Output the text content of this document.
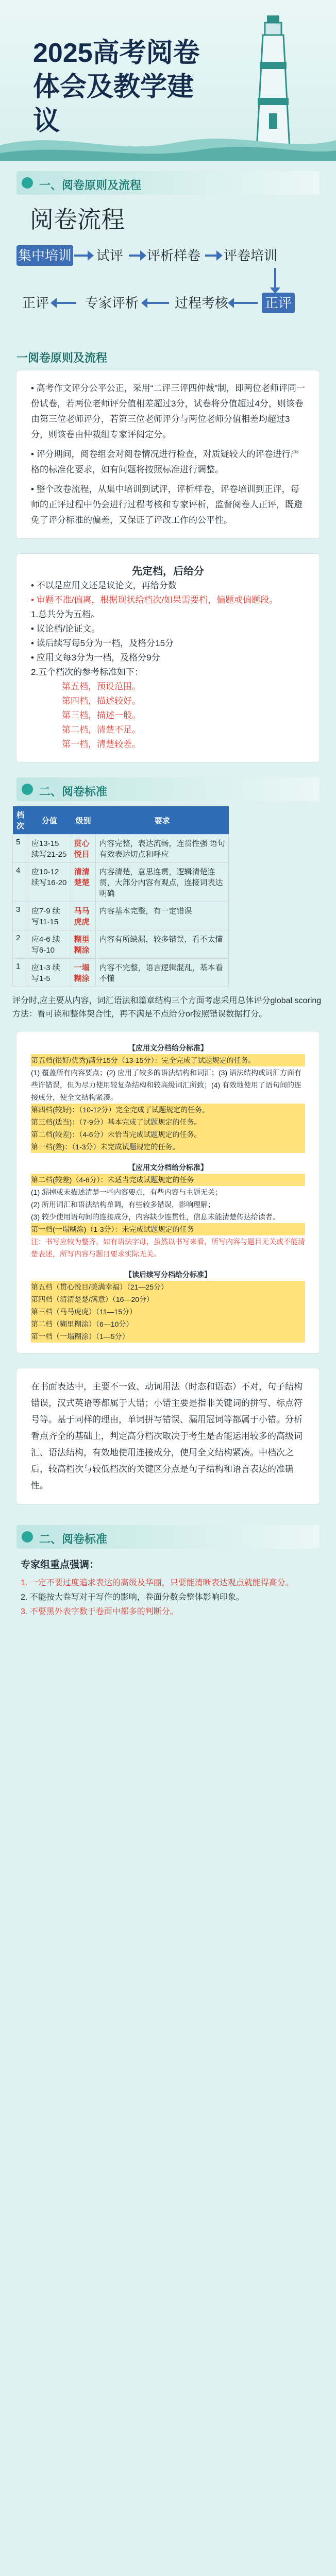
2025高考阅卷体会及教学建议
一、阅卷原则及流程
阅卷流程
集中培训	试评	评析样卷	评卷培训
正评
过程考核
专家评析
正评
一阅卷原则及流程
• 高考作文评分公平公正，采用“二评三评四仲裁”制，即两位老师评同一份试卷，若两位老师评分值相差超过3分，试卷将分值超过4分，则该卷由第三位老师评分，若第三位老师评分与两位老师分值相差均超过3分，则该卷由仲裁组专家评阅定分。
• 评分期间，阅卷组会对阅卷情况进行检查，对质疑较大的评卷进行严格的标准化要求，如有问题将按照标准进行调整。
• 整个改卷流程，从集中培训到试评，评析样卷，评卷培训到正评，每师的正评过程中仍会进行过程考核和专家评析，监督阅卷人正评，既避免了评分标准的偏差，又保证了评改工作的公平性。
先定档，后给分
• 不以是应用文还是议论文，再给分数
• 审题不准/偏离，根据现状给档次/如果需要档，偏题或偏题段。
1.总共分为五档。
• 议论档/论证文。
• 读后续写每5分为一档，及格分15分
• 应用文每3分为一档，及格分9分
2.五个档次的参考标准如下：
第五档，预设范围。
第四档，描述较好。
第三档，描述一般。
第二档，清楚不足。
第一档，清楚较差。
二、阅卷标准
档次	分值	级别	要求
5	应13-15 续写21-25	贯心悦目	内容完整，表达流畅，连贯性强 语句有效表达切点和呼应
4	应10-12 续写16-20	清清楚楚	内容清楚，意思连贯，逻辑清楚连贯，大部分内容有观点，连接词表达明确
3	应7-9 续写11-15	马马虎虎	内容基本完整，有一定错误
2	应4-6 续写6-10	糊里糊涂	内容有所缺漏，较多错误，看不太懂
1	应1-3 续写1-5	一塌糊涂	内容不完整，语言逻辑混乱，基本看不懂
评分时,应主要从内容，词汇语法和篇章结构三个方面考虑采用总体评分global scoring方法：看可读和整体契合性，再不满是不点给分or按照错误数据打分。
【应用文分档给分标准】
第五档(很好/优秀)满分15分（13-15分）：完全完成了试题规定的任务。
(1) 覆盖所有内容要点；(2) 应用了较多的语法结构和词汇；(3) 语法结构或词汇方面有些许错误，但为尽力使用较复杂结构和较高级词汇所致；(4) 有效地使用了语句间的连接成分，使全文结构紧凑。
第四档(较好)：（10-12分）完全完成了试题规定的任务。
第三档(适当)：（7-9分）基本完成了试题规定的任务。
第二档(较差)：（4-6分）未恰当完成试题规定的任务。
第一档(差)：（1-3分）未完成试题规定的任务。
【应用文分档给分标准】
第二档(较差)（4-6分）：未适当完成试题规定的任务
(1) 漏掉或未描述清楚一些内容要点，有些内容与主题无关；
(2) 所用词汇和语法结构单调，有些较多错误，影响理解；
(3) 较少使用语句间的连接成分，内容缺少连贯性，信息未能清楚传达给读者。
第一档(一塌糊涂)（1-3分）：未完成试题规定的任务
注：书写应较为整齐，如有语法字母，虽然以书写来看，所写内容与题目无关或不能清楚表述，所写内容与题目要求实际无关。
【读后续写分档给分标准】
第五档（贯心悦目/美满幸福）（21—25分）
第四档（清清楚楚/满意）（16—20分）
第三档（马马虎虎）（11—15分）
第二档（糊里糊涂）（6—10分）
第一档（一塌糊涂）（1—5分）
在书面表达中，主要不一致、动词用法（时态和语态）不对，句子结构错误，汉式英语等都属于大错；小错主要是指非关键词的拼写、标点符号等。基于同样的理由，单词拼写错误、漏用冠词等都属于小错。分析看点齐全的基础上，判定高分档次取决于考生是否能运用较多的高级词汇、语法结构，有效地使用连接成分，使用全文结构紧凑。中档次之后，较高档次与较低档次的关键区分点是句子结构和语言表达的准确性。
二、阅卷标准
专家组重点强调：
1. 一定不要过度追求表达的高级及华丽，只要能清晰表达观点就能得高分。
2. 不能按大卷写对于写作的影响，卷面分数会整体影响印象。
3. 不要黑外表字数于卷面中都多的判断分。
